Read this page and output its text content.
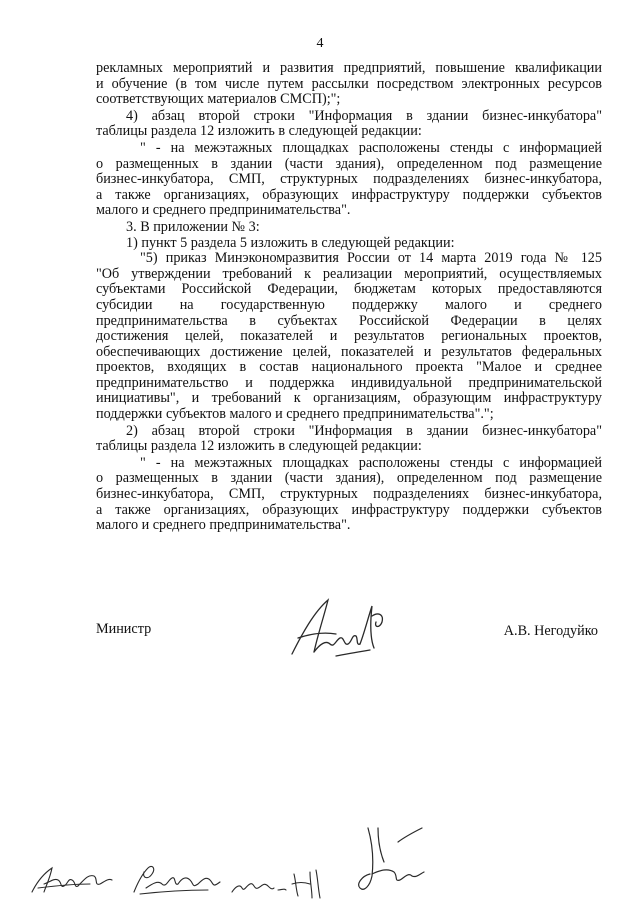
4
рекламных мероприятий и развития предприятий, повышение квалификации
и обучение (в том числе путем рассылки посредством электронных ресурсов
соответствующих материалов СМСП);";
4) абзац второй строки "Информация в здании бизнес-инкубатора"
таблицы раздела 12 изложить в следующей редакции:
" - на межэтажных площадках расположены стенды с информацией
о размещенных в здании (части здания), определенном под размещение
бизнес-инкубатора, СМП, структурных подразделениях бизнес-инкубатора,
а также организациях, образующих инфраструктуру поддержки субъектов
малого и среднего предпринимательства".
3. В приложении № 3:
1) пункт 5 раздела 5 изложить в следующей редакции:
"5) приказ Минэкономразвития России от 14 марта 2019 года № 125
"Об утверждении требований к реализации мероприятий, осуществляемых
субъектами Российской Федерации, бюджетам которых предоставляются
субсидии на государственную поддержку малого и среднего
предпринимательства в субъектах Российской Федерации в целях
достижения целей, показателей и результатов региональных проектов,
обеспечивающих достижение целей, показателей и результатов федеральных
проектов, входящих в состав национального проекта "Малое и среднее
предпринимательство и поддержка индивидуальной предпринимательской
инициативы", и требований к организациям, образующим инфраструктуру
поддержки субъектов малого и среднего предпринимательства".";
2) абзац второй строки "Информация в здании бизнес-инкубатора"
таблицы раздела 12 изложить в следующей редакции:
" - на межэтажных площадках расположены стенды с информацией
о размещенных в здании (части здания), определенном под размещение
бизнес-инкубатора, СМП, структурных подразделениях бизнес-инкубатора,
а также организациях, образующих инфраструктуру поддержки субъектов
малого и среднего предпринимательства".
Министр	А.В. Негодуйко
